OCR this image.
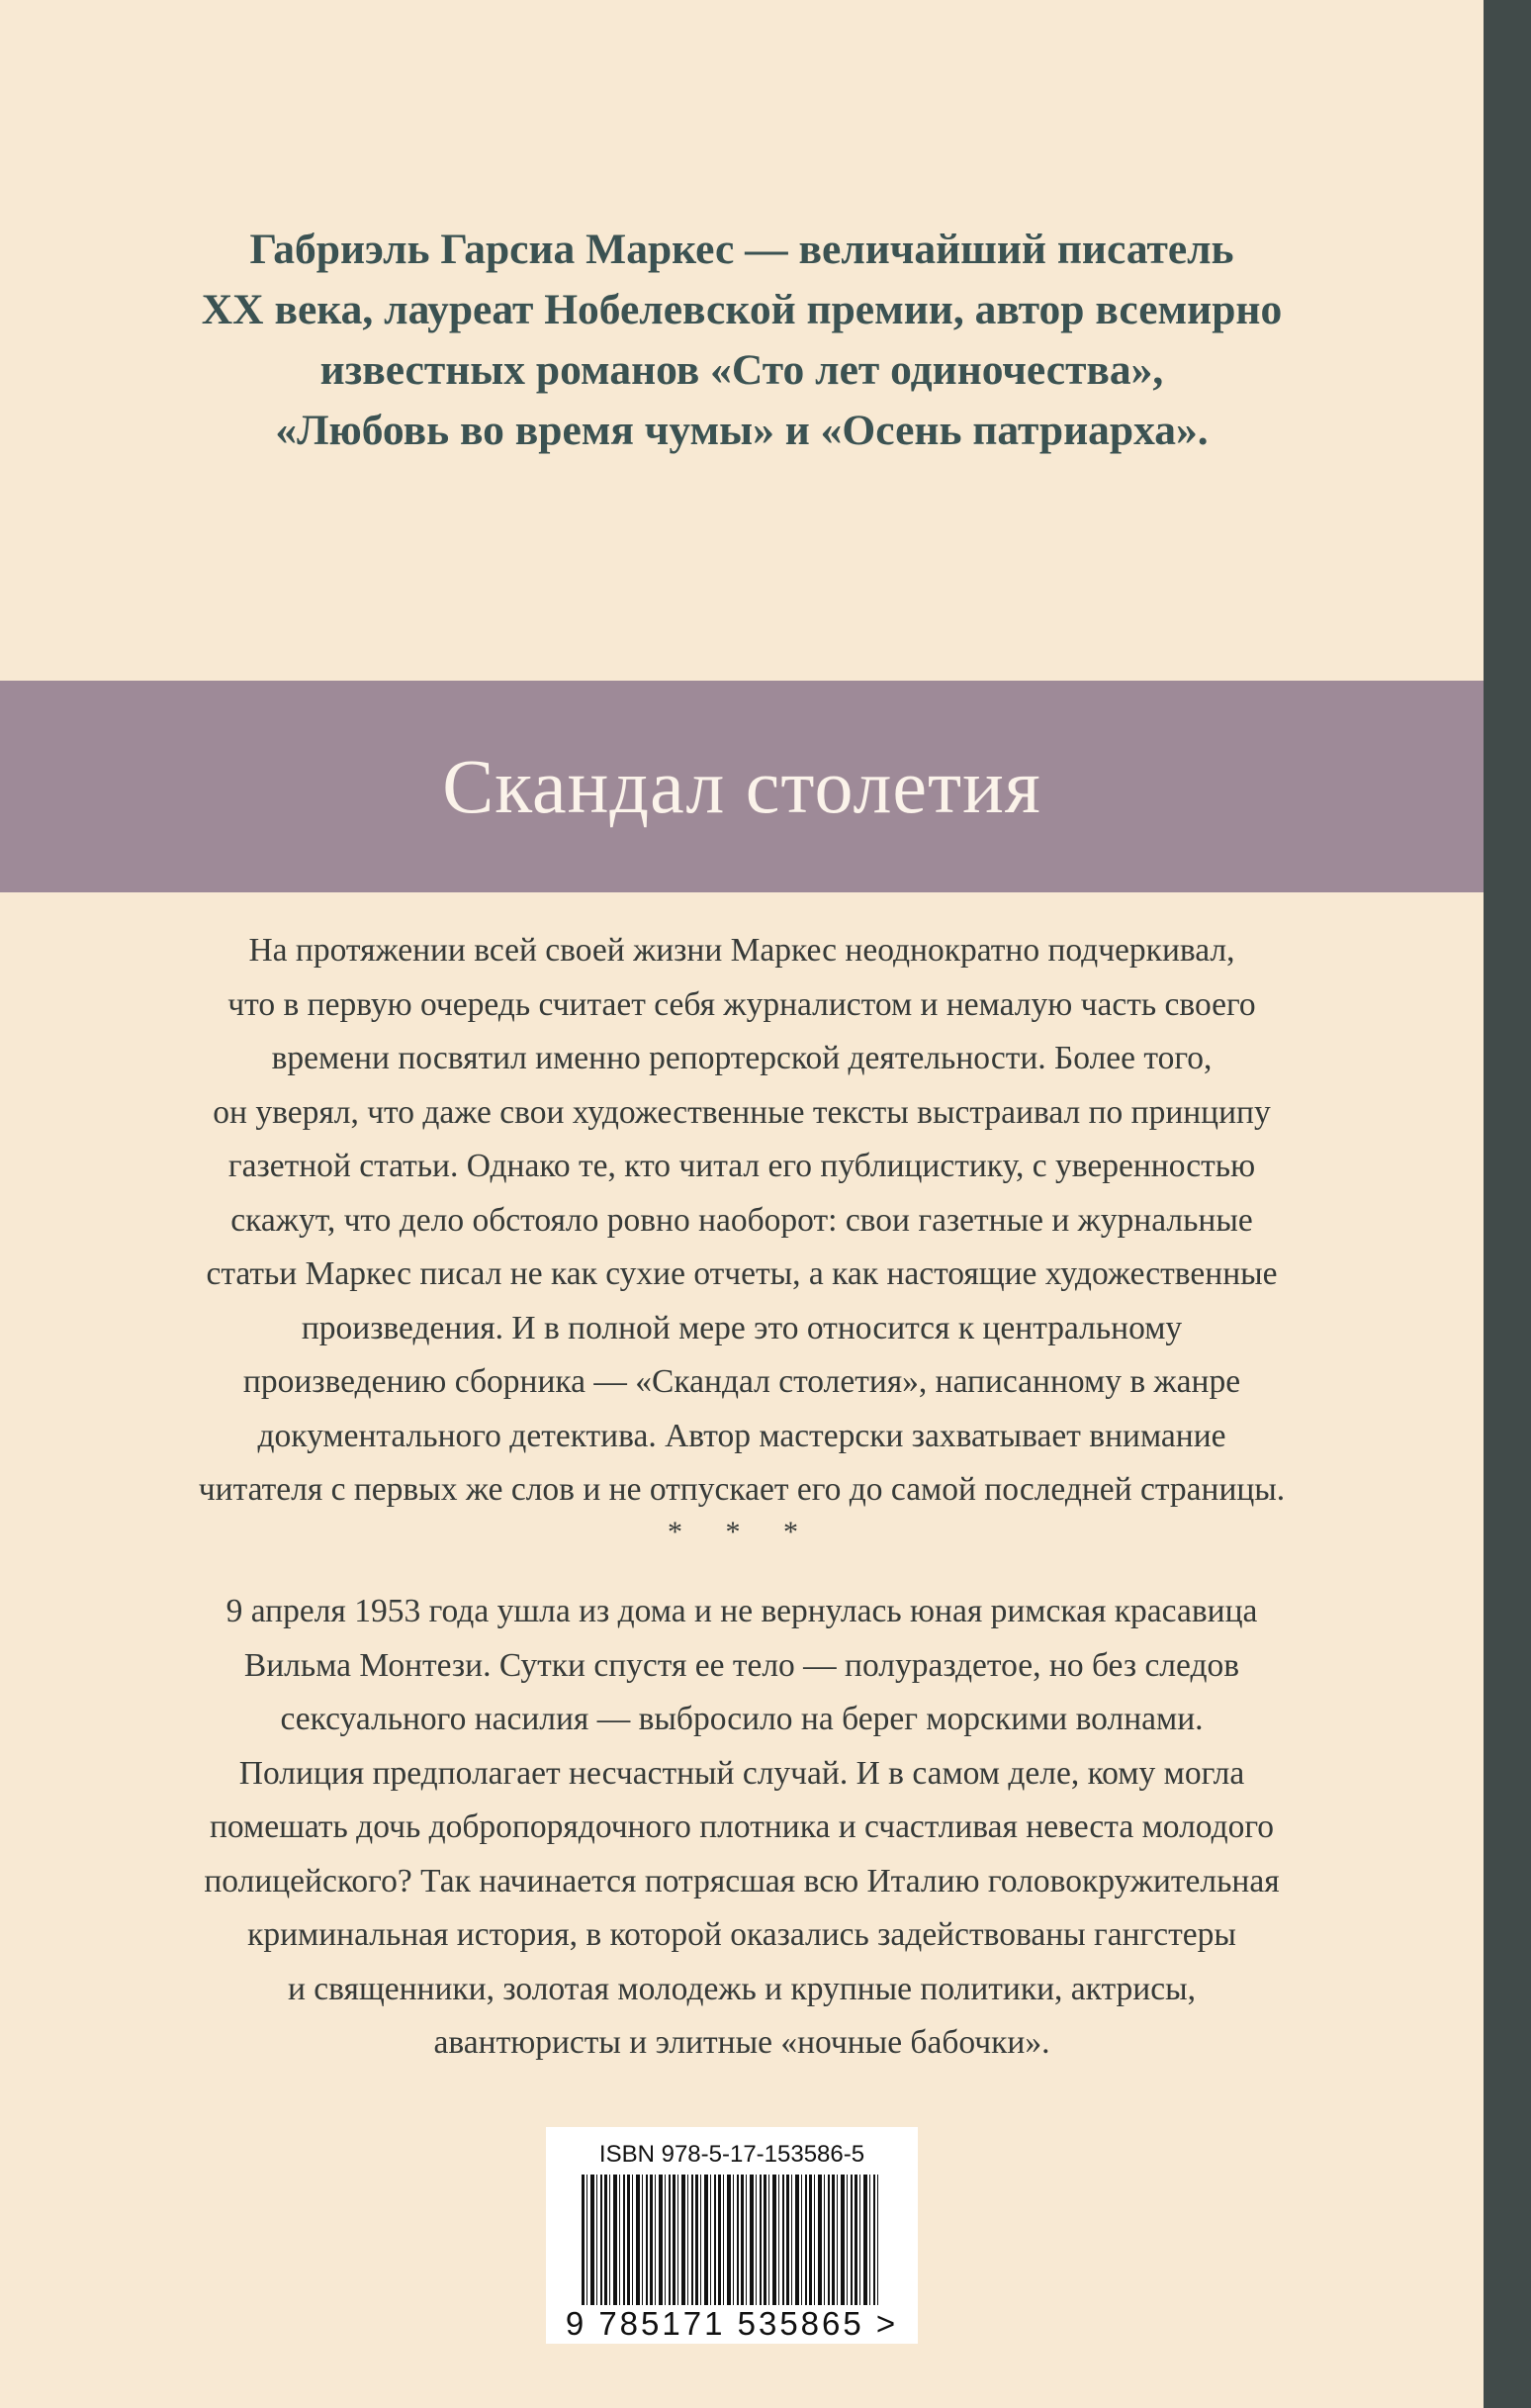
Габриэль Гарсиа Маркес — величайший писатель
XX века, лауреат Нобелевской премии, автор всемирно
известных романов «Сто лет одиночества»,
«Любовь во время чумы» и «Осень патриарха».
Скандал столетия
На протяжении всей своей жизни Маркес неоднократно подчеркивал,
что в первую очередь считает себя журналистом и немалую часть своего
времени посвятил именно репортерской деятельности. Более того,
он уверял, что даже свои художественные тексты выстраивал по принципу
газетной статьи. Однако те, кто читал его публицистику, с уверенностью
скажут, что дело обстояло ровно наоборот: свои газетные и журнальные
статьи Маркес писал не как сухие отчеты, а как настоящие художественные
произведения. И в полной мере это относится к центральному
произведению сборника — «Скандал столетия», написанному в жанре
документального детектива. Автор мастерски захватывает внимание
читателя с первых же слов и не отпускает его до самой последней страницы.
* * *
9 апреля 1953 года ушла из дома и не вернулась юная римская красавица
Вильма Монтези. Сутки спустя ее тело — полураздетое, но без следов
сексуального насилия — выбросило на берег морскими волнами.
Полиция предполагает несчастный случай. И в самом деле, кому могла
помешать дочь добропорядочного плотника и счастливая невеста молодого
полицейского? Так начинается потрясшая всю Италию головокружительная
криминальная история, в которой оказались задействованы гангстеры
и священники, золотая молодежь и крупные политики, актрисы,
авантюристы и элитные «ночные бабочки».
ISBN 978-5-17-153586-5
9 785171 535865 >
